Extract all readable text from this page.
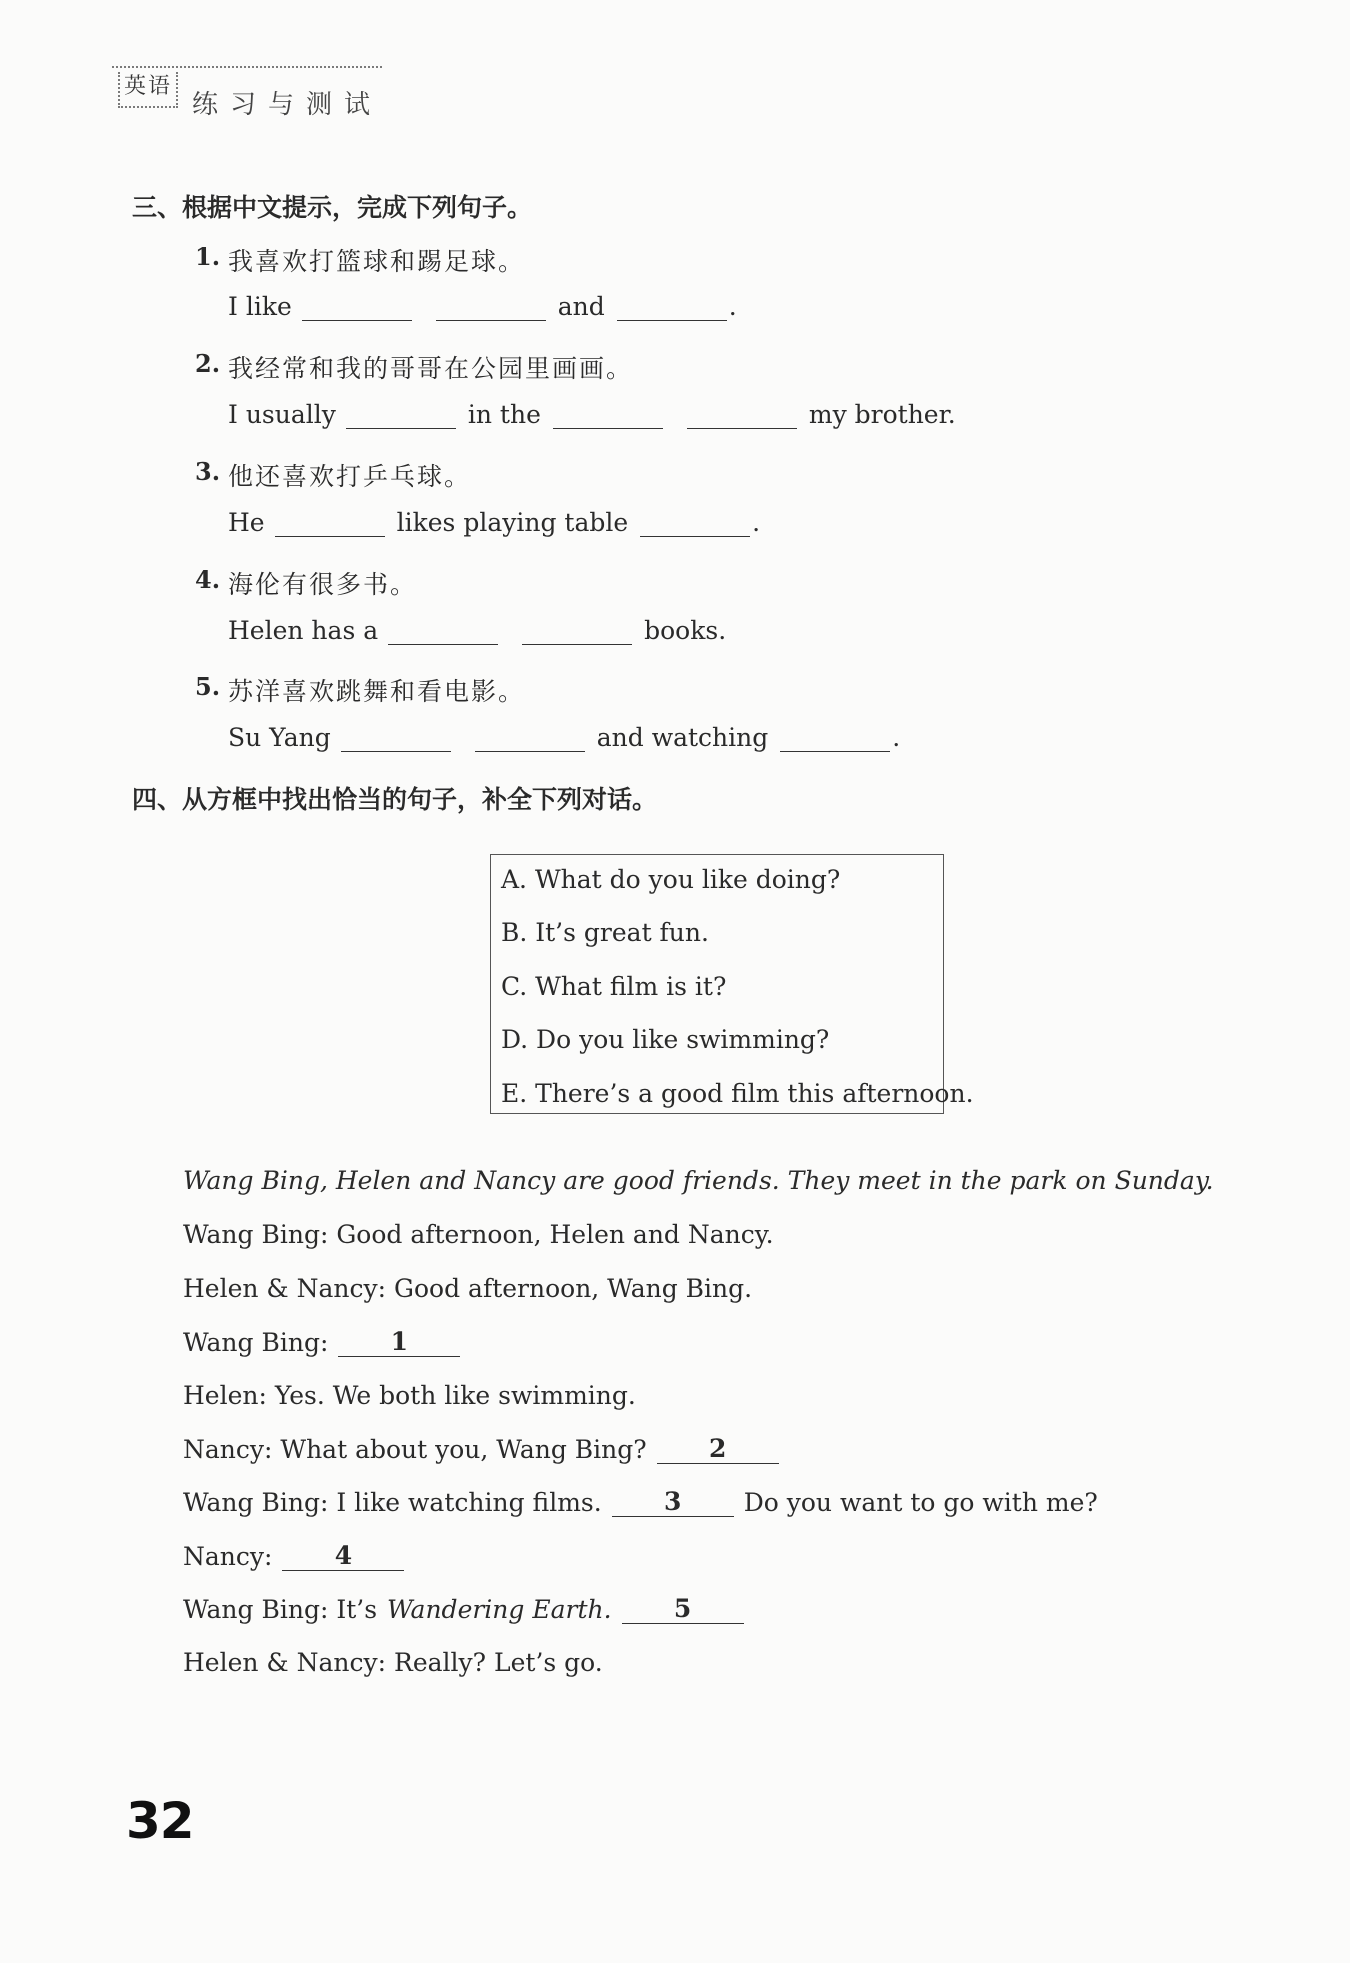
英语
练习与测试
三、根据中文提示，完成下列句子。
1. 我喜欢打篮球和踢足球。
I like	and	.
2. 我经常和我的哥哥在公园里画画。
I usually	in the	my brother.
3. 他还喜欢打乒乓球。
He	likes playing table	.
4. 海伦有很多书。
Helen has a	books.
5. 苏洋喜欢跳舞和看电影。
Su Yang	and watching	.
四、从方框中找出恰当的句子，补全下列对话。
A. What do you like doing?
B. It’s great fun.
C. What film is it?
D. Do you like swimming?
E. There’s a good film this afternoon.
Wang Bing, Helen and Nancy are good friends. They meet in the park on Sunday.
Wang Bing: Good afternoon, Helen and Nancy.
Helen & Nancy: Good afternoon, Wang Bing.
Wang Bing:	1
Helen: Yes. We both like swimming.
Nancy: What about you, Wang Bing?	2
Wang Bing: I like watching films.	3	Do you want to go with me?
Nancy:	4
Wang Bing: It’s Wandering Earth.	5
Helen & Nancy: Really? Let’s go.
32
